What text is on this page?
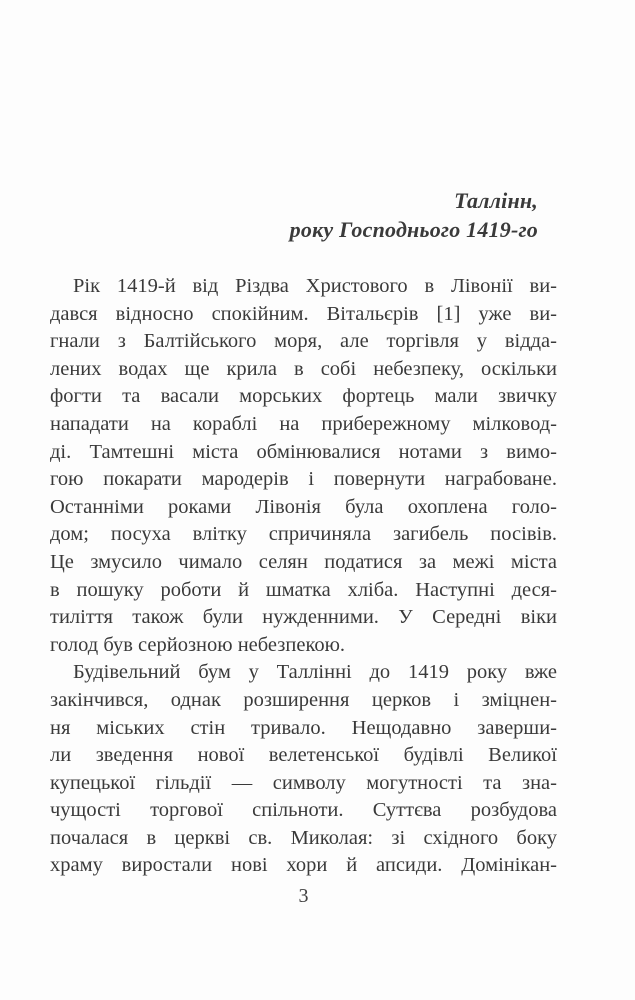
Таллінн,
року Господнього 1419-го
Рік 1419-й від Різдва Христового в Лівонії ви-
дався відносно спокійним. Вітальєрів [1] уже ви-
гнали з Балтійського моря, але торгівля у відда-
лених водах ще крила в собі небезпеку, оскільки
фогти та васали морських фортець мали звичку
нападати на кораблі на прибережному мілковод-
ді. Тамтешні міста обмінювалися нотами з вимо-
гою покарати мародерів і повернути награбоване.
Останніми роками Лівонія була охоплена голо-
дом; посуха влітку спричиняла загибель посівів.
Це змусило чимало селян податися за межі міста
в пошуку роботи й шматка хліба. Наступні деся-
тиліття також були нужденними. У Середні віки
голод був серйозною небезпекою.
Будівельний бум у Таллінні до 1419 року вже
закінчився, однак розширення церков і зміцнен-
ня міських стін тривало. Нещодавно заверши-
ли зведення нової велетенської будівлі Великої
купецької гільдії — символу могутності та зна-
чущості торгової спільноти. Суттєва розбудова
почалася в церкві св. Миколая: зі східного боку
храму виростали нові хори й апсиди. Домінікан-
3
